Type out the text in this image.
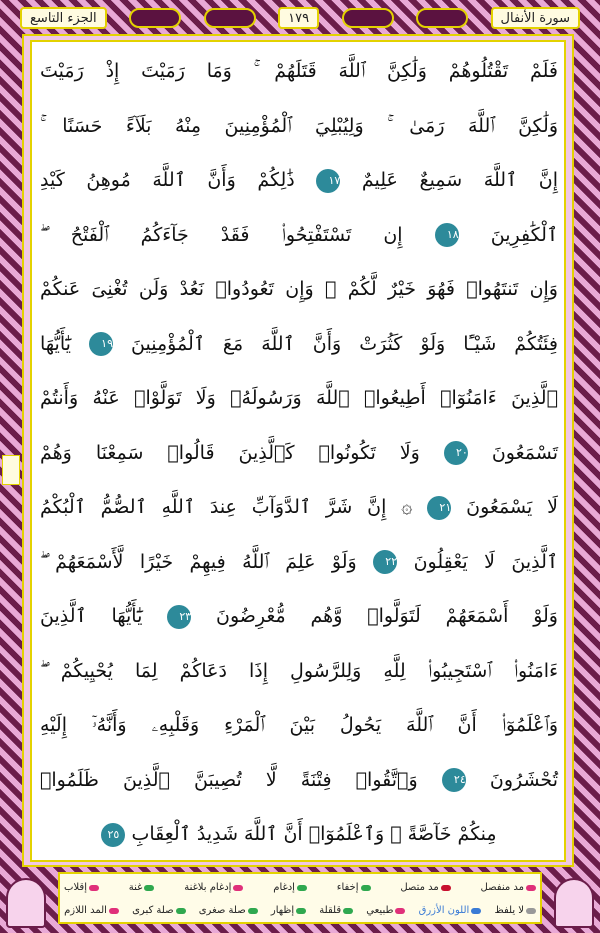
سورة الأنفال
١٧٩
الجزء التاسع
فَلَمْ تَقْتُلُوهُمْ وَلَٰكِنَّ ٱللَّهَ قَتَلَهُمْ ۚ وَمَا رَمَيْتَ إِذْ رَمَيْتَ
وَلَٰكِنَّ ٱللَّهَ رَمَىٰ ۚ وَلِيُبْلِيَ ٱلْمُؤْمِنِينَ مِنْهُ بَلَآءً حَسَنًا ۚ
إِنَّ ٱللَّهَ سَمِيعٌ عَلِيمٌ ١٧ ذَٰلِكُمْ وَأَنَّ ٱللَّهَ مُوهِنُ كَيْدِ
ٱلْكَٰفِرِينَ ١٨ إِن تَسْتَفْتِحُوا۟ فَقَدْ جَآءَكُمُ ٱلْفَتْحُ ۖ
وَإِن تَنتَهُوا۟ فَهُوَ خَيْرٌ لَّكُمْ ۖ وَإِن تَعُودُوا۟ نَعُدْ وَلَن تُغْنِىَ عَنكُمْ
فِئَتُكُمْ شَيْـًٔا وَلَوْ كَثُرَتْ وَأَنَّ ٱللَّهَ مَعَ ٱلْمُؤْمِنِينَ ١٩ يَٰٓأَيُّهَا
ٱلَّذِينَ ءَامَنُوٓا۟ أَطِيعُوا۟ ٱللَّهَ وَرَسُولَهُۥ وَلَا تَوَلَّوْا۟ عَنْهُ وَأَنتُمْ
تَسْمَعُونَ ٢٠ وَلَا تَكُونُوا۟ كَٱلَّذِينَ قَالُوا۟ سَمِعْنَا وَهُمْ
لَا يَسْمَعُونَ ٢١ ۞ إِنَّ شَرَّ ٱلدَّوَآبِّ عِندَ ٱللَّهِ ٱلصُّمُّ ٱلْبُكْمُ
ٱلَّذِينَ لَا يَعْقِلُونَ ٢٢ وَلَوْ عَلِمَ ٱللَّهُ فِيهِمْ خَيْرًا لَّأَسْمَعَهُمْ ۖ
وَلَوْ أَسْمَعَهُمْ لَتَوَلَّوا۟ وَّهُم مُّعْرِضُونَ ٢٣ يَٰٓأَيُّهَا ٱلَّذِينَ
ءَامَنُوا۟ ٱسْتَجِيبُوا۟ لِلَّهِ وَلِلرَّسُولِ إِذَا دَعَاكُمْ لِمَا يُحْيِيكُمْ ۖ
وَٱعْلَمُوٓا۟ أَنَّ ٱللَّهَ يَحُولُ بَيْنَ ٱلْمَرْءِ وَقَلْبِهِۦ وَأَنَّهُۥٓ إِلَيْهِ
تُحْشَرُونَ ٢٤ وَٱتَّقُوا۟ فِتْنَةً لَّا تُصِيبَنَّ ٱلَّذِينَ ظَلَمُوا۟
مِنكُمْ خَآصَّةً ۖ وَٱعْلَمُوٓا۟ أَنَّ ٱللَّهَ شَدِيدُ ٱلْعِقَابِ ٢٥
مد منفصل
مد متصل
إخفاء
إدغام
إدغام بلاغنة
غنة
إقلاب
لا يلفظ
اللون الأزرق
طبيعي
قلقلة
إظهار
صلة صغرى
صلة كبرى
المد اللازم
